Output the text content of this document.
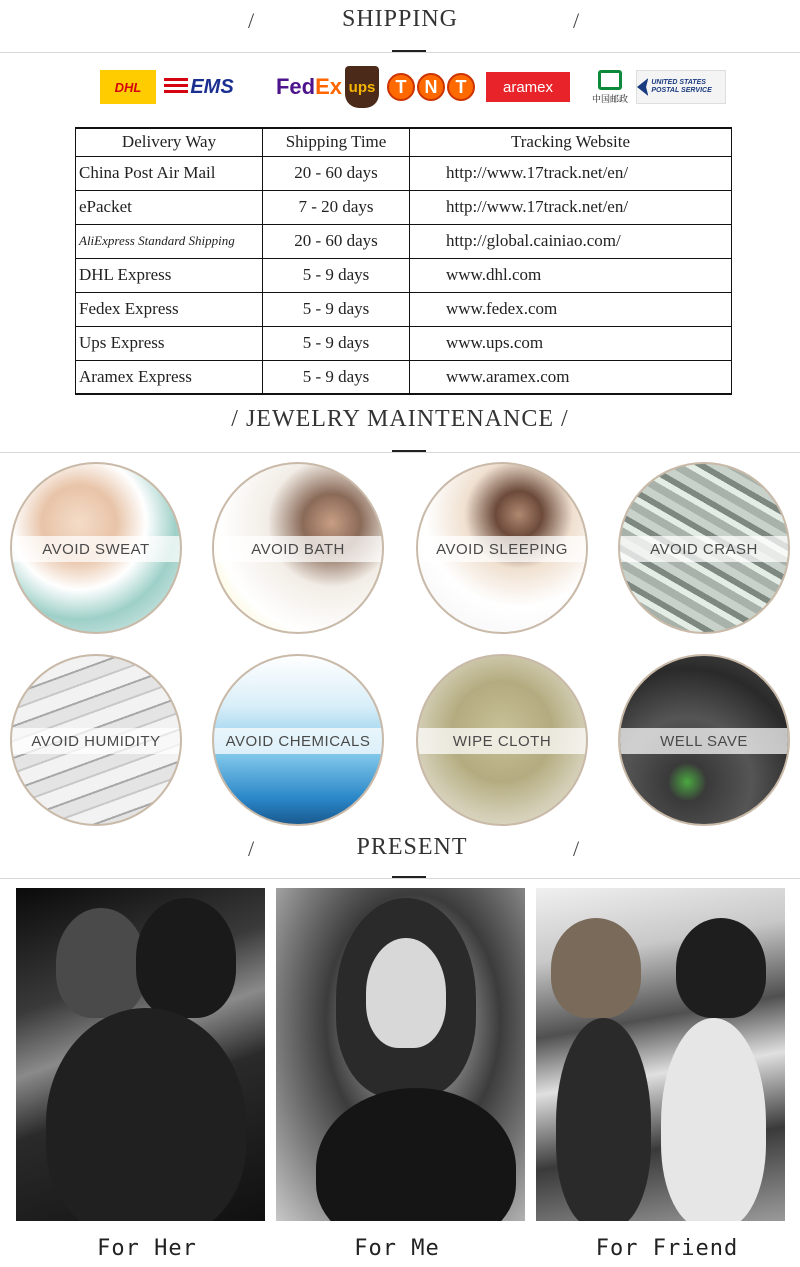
/	SHIPPING	/
DHL	EMS	Fed Ex ups	T	N	T	aramex
中国邮政
UNITED STATES POSTAL SERVICE
Delivery Way	Shipping Time	Tracking Website
China Post Air Mail	20 - 60 days	http://www.17track.net/en/
ePacket	7 - 20 days	http://www.17track.net/en/
AliExpress Standard Shipping	20 - 60 days	http://global.cainiao.com/
DHL Express	5 - 9 days	www.dhl.com
Fedex Express	5 - 9 days	www.fedex.com
Ups Express	5 - 9 days	www.ups.com
Aramex Express	5 - 9 days	www.aramex.com
/ JEWELRY MAINTENANCE /
AVOID SWEAT	AVOID BATH	AVOID SLEEPING	AVOID CRASH
AVOID HUMIDITY	AVOID CHEMICALS	WIPE CLOTH	WELL SAVE
/	PRESENT	/
For Her	For Me	For Friend
